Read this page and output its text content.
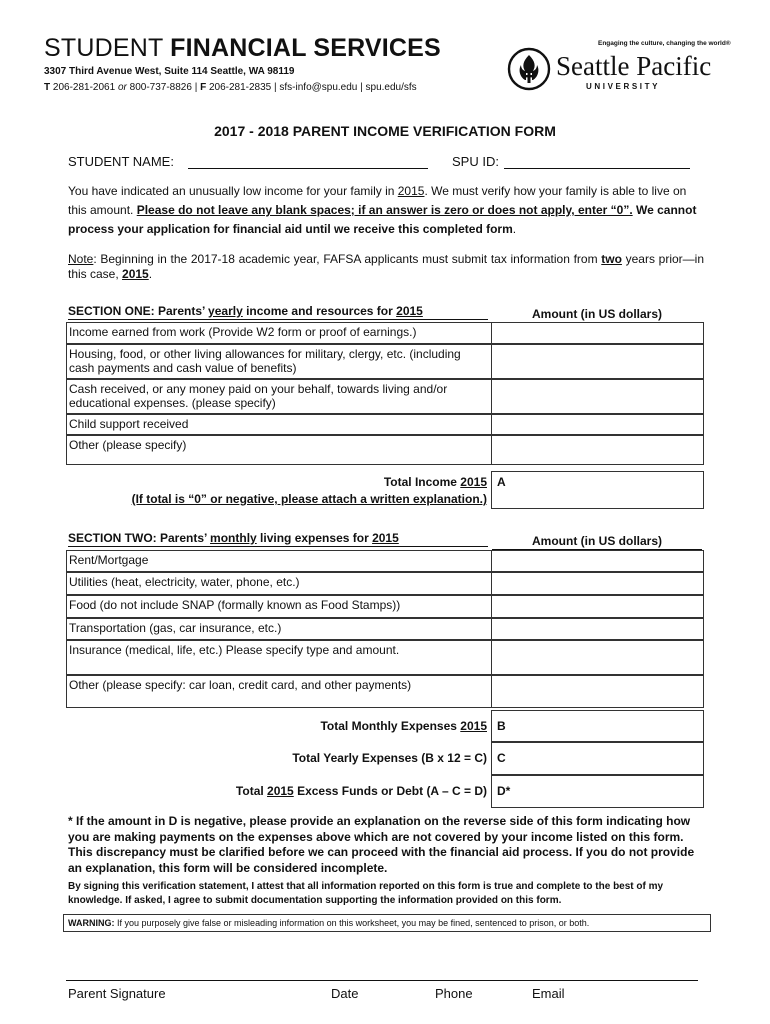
STUDENT FINANCIAL SERVICES
3307 Third Avenue West, Suite 114 Seattle, WA 98119
T 206-281-2061 or 800-737-8826 | F 206-281-2835 | sfs-info@spu.edu | spu.edu/sfs
Engaging the culture, changing the world®
Seattle Pacific
UNIVERSITY
2017 - 2018 PARENT INCOME VERIFICATION FORM
STUDENT NAME:	SPU ID:
You have indicated an unusually low income for your family in 2015. We must verify how your family is able to live on this amount. Please do not leave any blank spaces; if an answer is zero or does not apply, enter “0”. We cannot process your application for financial aid until we receive this completed form.
Note: Beginning in the 2017-18 academic year, FAFSA applicants must submit tax information from two years prior—in this case, 2015.
SECTION ONE: Parents’ yearly income and resources for 2015	Amount (in US dollars)
Income earned from work (Provide W2 form or proof of earnings.)
Housing, food, or other living allowances for military, clergy, etc. (including cash payments and cash value of benefits)
Cash received, or any money paid on your behalf, towards living and/or educational expenses. (please specify)
Child support received
Other (please specify)
Total Income 2015
(If total is “0” or negative, please attach a written explanation.)
A
SECTION TWO: Parents’ monthly living expenses for 2015	Amount (in US dollars)
Rent/Mortgage
Utilities (heat, electricity, water, phone, etc.)
Food (do not include SNAP (formally known as Food Stamps))
Transportation (gas, car insurance, etc.)
Insurance (medical, life, etc.) Please specify type and amount.
Other (please specify: car loan, credit card, and other payments)
Total Monthly Expenses 2015 B
Total Yearly Expenses (B x 12 = C) C
Total 2015 Excess Funds or Debt (A – C = D) D*
* If the amount in D is negative, please provide an explanation on the reverse side of this form indicating how you are making payments on the expenses above which are not covered by your income listed on this form. This discrepancy must be clarified before we can proceed with the financial aid process. If you do not provide an explanation, this form will be considered incomplete.
By signing this verification statement, I attest that all information reported on this form is true and complete to the best of my knowledge. If asked, I agree to submit documentation supporting the information provided on this form.
WARNING: If you purposely give false or misleading information on this worksheet, you may be fined, sentenced to prison, or both.
Parent Signature	Date	Phone	Email
